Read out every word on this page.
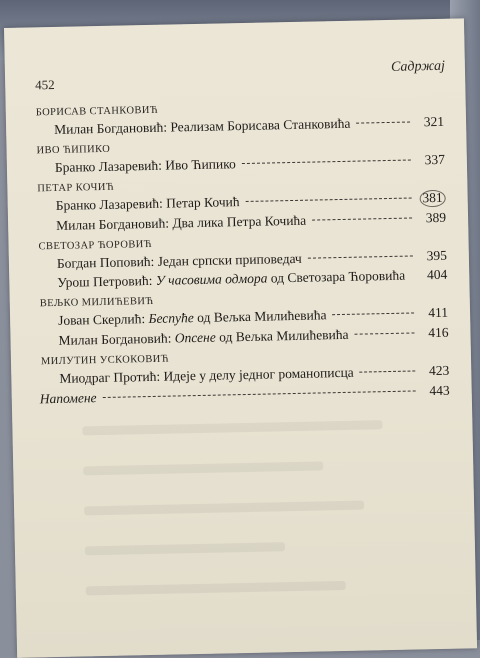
452
Садржај
БОРИСАВ СТАНКОВИЋ
Милан Богдановић: Реализам Борисава Станковића	321
ИВО ЋИПИКО
Бранко Лазаревић: Иво Ћипико	337
ПЕТАР КОЧИЋ
Бранко Лазаревић: Петар Кочић	381
Милан Богдановић: Два лика Петра Кочића	389
СВЕТОЗАР ЋОРОВИЋ
Богдан Поповић: Један српски приповедач	395
Урош Петровић: У часовима одмора од Светозара Ћоровића	404
ВЕЉКО МИЛИЋЕВИЋ
Јован Скерлић: Беспуће од Вељка Милићевића	411
Милан Богдановић: Опсене од Вељка Милићевића	416
МИЛУТИН УСКОКОВИЋ
Миодраг Протић: Идеје у делу једног романописца	423
Напомене	443
